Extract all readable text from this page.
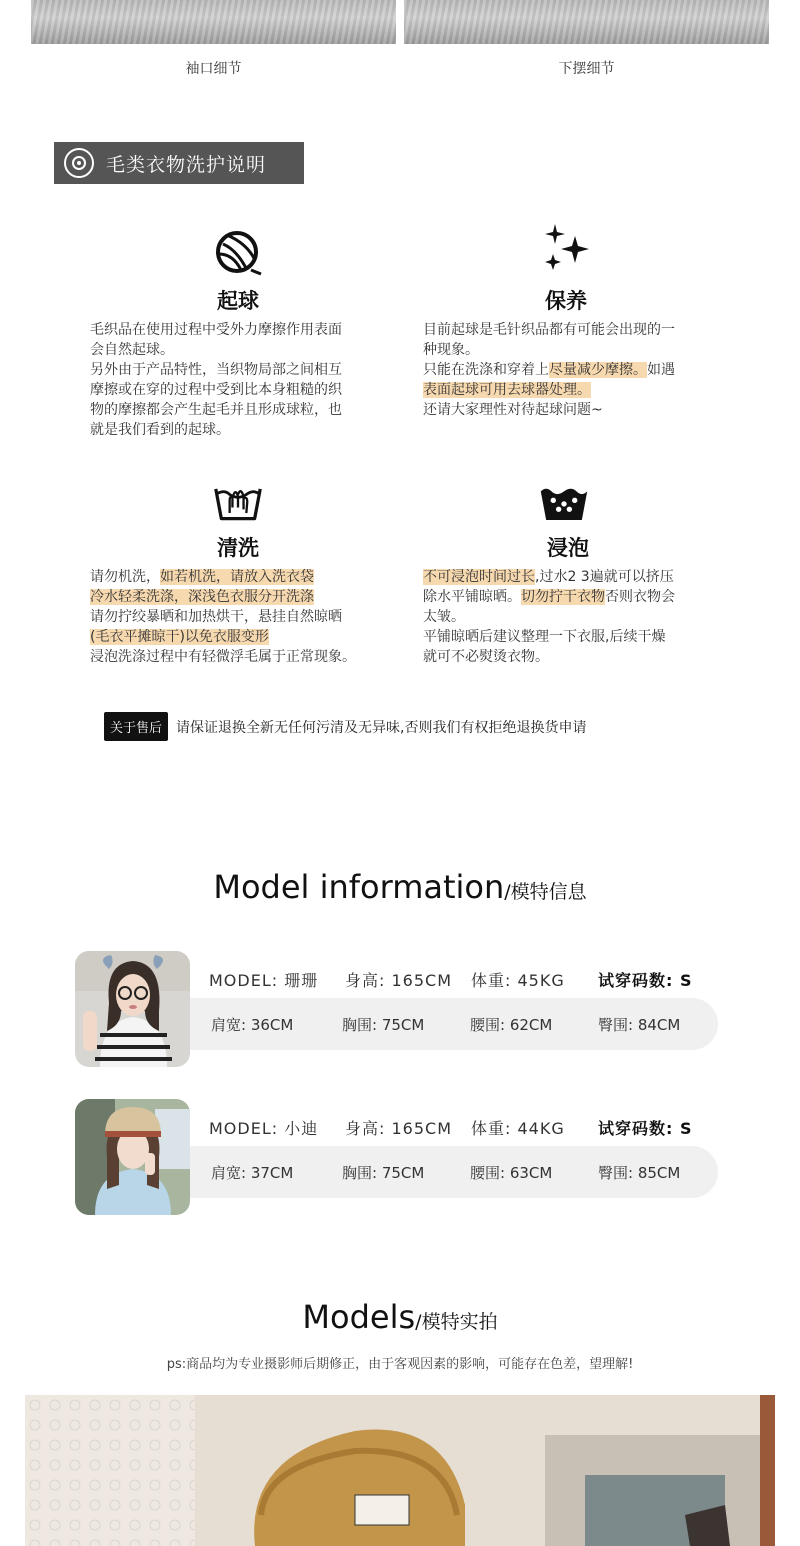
袖口细节	下摆细节
毛类衣物洗护说明
起球
毛织品在使用过程中受外力摩擦作用表面
会自然起球。
另外由于产品特性，当织物局部之间相互
摩擦或在穿的过程中受到比本身粗糙的织
物的摩擦都会产生起毛并且形成球粒，也
就是我们看到的起球。
保养
目前起球是毛针织品都有可能会出现的一
种现象。
只能在洗涤和穿着上尽量减少摩擦。如遇
表面起球可用去球器处理。
还请大家理性对待起球问题~
清洗
请勿机洗，如若机洗，请放入洗衣袋
冷水轻柔洗涤，深浅色衣服分开洗涤
请勿拧绞暴晒和加热烘干，悬挂自然晾晒
(毛衣平摊晾干)以免衣服变形
浸泡洗涤过程中有轻微浮毛属于正常现象。
浸泡
不可浸泡时间过长,过水2 3遍就可以挤压
除水平铺晾晒。切勿拧干衣物否则衣物会
太皱。
平铺晾晒后建议整理一下衣服,后续干燥
就可不必熨烫衣物。
关于售后	请保证退换全新无任何污清及无异味,否则我们有权拒绝退换货申请
Model information/模特信息
MODEL: 珊珊	身高: 165CM	体重: 45KG	试穿码数: S
肩宽: 36CM	胸围: 75CM	腰围: 62CM	臀围: 84CM
MODEL: 小迪	身高: 165CM	体重: 44KG	试穿码数: S
肩宽: 37CM	胸围: 75CM	腰围: 63CM	臀围: 85CM
Models/模特实拍
ps:商品均为专业摄影师后期修正，由于客观因素的影响，可能存在色差，望理解!
